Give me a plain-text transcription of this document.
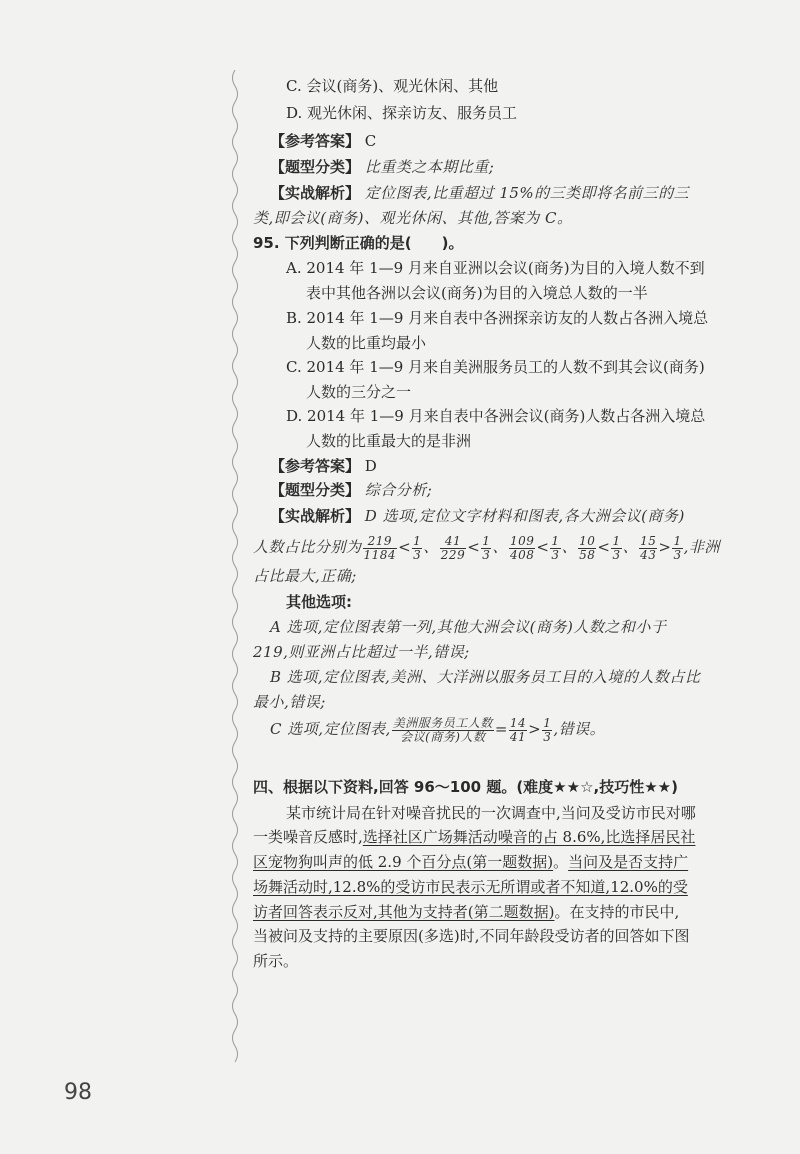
C. 会议(商务)、观光休闲、其他
D. 观光休闲、探亲访友、服务员工
【参考答案】 C
【题型分类】 比重类之本期比重;
【实战解析】 定位图表,比重超过 15%的三类即将名前三的三
类,即会议(商务)、观光休闲、其他,答案为 C。
95. 下列判断正确的是(　　)。
A. 2014 年 1—9 月来自亚洲以会议(商务)为目的入境人数不到
表中其他各洲以会议(商务)为目的入境总人数的一半
B. 2014 年 1—9 月来自表中各洲探亲访友的人数占各洲入境总
人数的比重均最小
C. 2014 年 1—9 月来自美洲服务员工的人数不到其会议(商务)
人数的三分之一
D. 2014 年 1—9 月来自表中各洲会议(商务)人数占各洲入境总
人数的比重最大的是非洲
【参考答案】 D
【题型分类】 综合分析;
【实战解析】 D 选项,定位文字材料和图表,各大洲会议(商务)
人数占比分别为 $\frac{219}{1184} < \frac{1}{3}$ 、 $\frac{41}{229} < \frac{1}{3}$ 、 $\frac{109}{408} < \frac{1}{3}$ 、 $\frac{10}{58} < \frac{1}{3}$ 、 $\frac{15}{43} > \frac{1}{3}$ ,非洲
占比最大,正确;
其他选项:
A 选项,定位图表第一列,其他大洲会议(商务)人数之和小于
219,则亚洲占比超过一半,错误;
B 选项,定位图表,美洲、大洋洲以服务员工目的入境的人数占比
最小,错误;
C 选项,定位图表, $\frac{\text{美洲服务员工人数}}{\text{会议(商务)人数}} = \frac{14}{41} > \frac{1}{3}$ ,错误。
四、根据以下资料,回答 96～100 题。(难度★★☆,技巧性★★)
某市统计局在针对噪音扰民的一次调查中,当问及受访市民对哪
一类噪音反感时,选择社区广场舞活动噪音的占 8.6%,比选择居民社
区宠物狗叫声的低 2.9 个百分点(第一题数据)。当问及是否支持广
场舞活动时,12.8%的受访市民表示无所谓或者不知道,12.0%的受
访者回答表示反对,其他为支持者(第二题数据)。在支持的市民中,
当被问及支持的主要原因(多选)时,不同年龄段受访者的回答如下图
所示。
98
